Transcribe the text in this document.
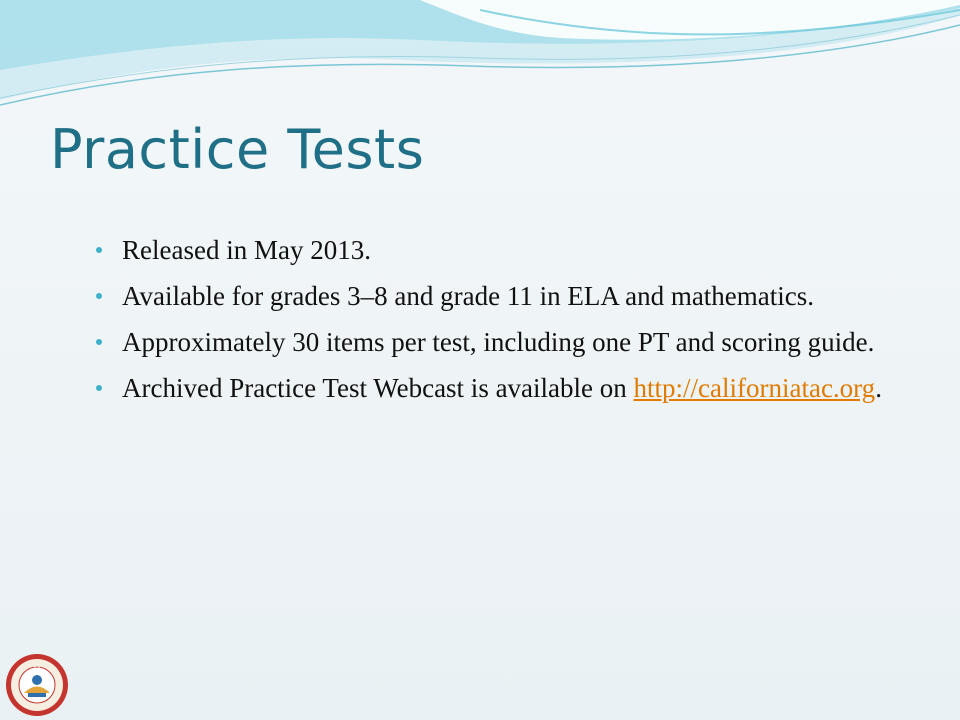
Practice Tests
Released in May 2013.
Available for grades 3–8 and grade 11 in ELA and mathematics.
Approximately 30 items per test, including one PT and scoring guide.
Archived Practice Test Webcast is available on http://californiatac.org.
